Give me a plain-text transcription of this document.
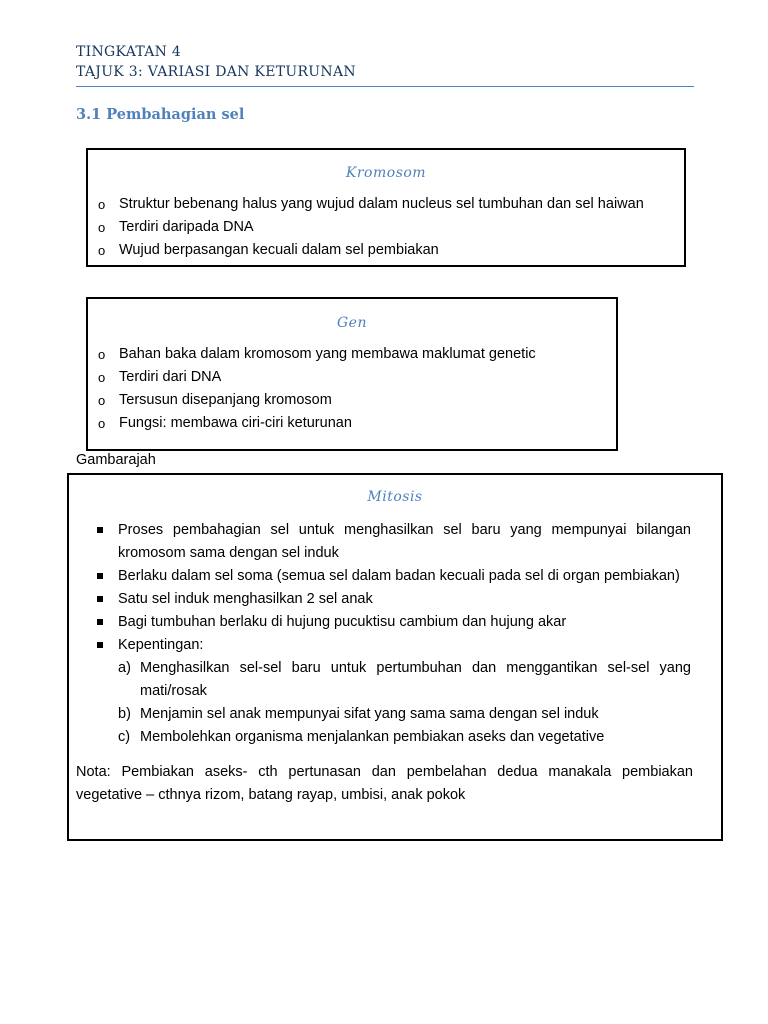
TINGKATAN 4

TAJUK 3: VARIASI DAN KETURUNAN

3.1 Pembahagian sel

Kromosom

o Struktur bebenang halus yang wujud dalam nucleus sel tumbuhan dan sel haiwan
o Terdiri daripada DNA
o Wujud berpasangan kecuali dalam sel pembiakan

Gen

o Bahan baka dalam kromosom yang membawa maklumat genetic
o Terdiri dari DNA
o Tersusun disepanjang kromosom
o Fungsi: membawa ciri-ciri keturunan

Gambarajah

Mitosis

Proses pembahagian sel untuk menghasilkan sel baru yang mempunyai bilangan kromosom sama dengan sel induk
Berlaku dalam sel soma (semua sel dalam badan kecuali pada sel di organ pembiakan)
Satu sel induk menghasilkan 2 sel anak
Bagi tumbuhan berlaku di hujung pucuktisu cambium dan hujung akar
Kepentingan:
a) Menghasilkan sel-sel baru untuk pertumbuhan dan menggantikan sel-sel yang mati/rosak
b) Menjamin sel anak mempunyai sifat yang sama sama dengan sel induk
c) Membolehkan organisma menjalankan pembiakan aseks dan vegetative

Nota: Pembiakan aseks- cth pertunasan dan pembelahan dedua manakala pembiakan vegetative – cthnya rizom, batang rayap, umbisi, anak pokok
